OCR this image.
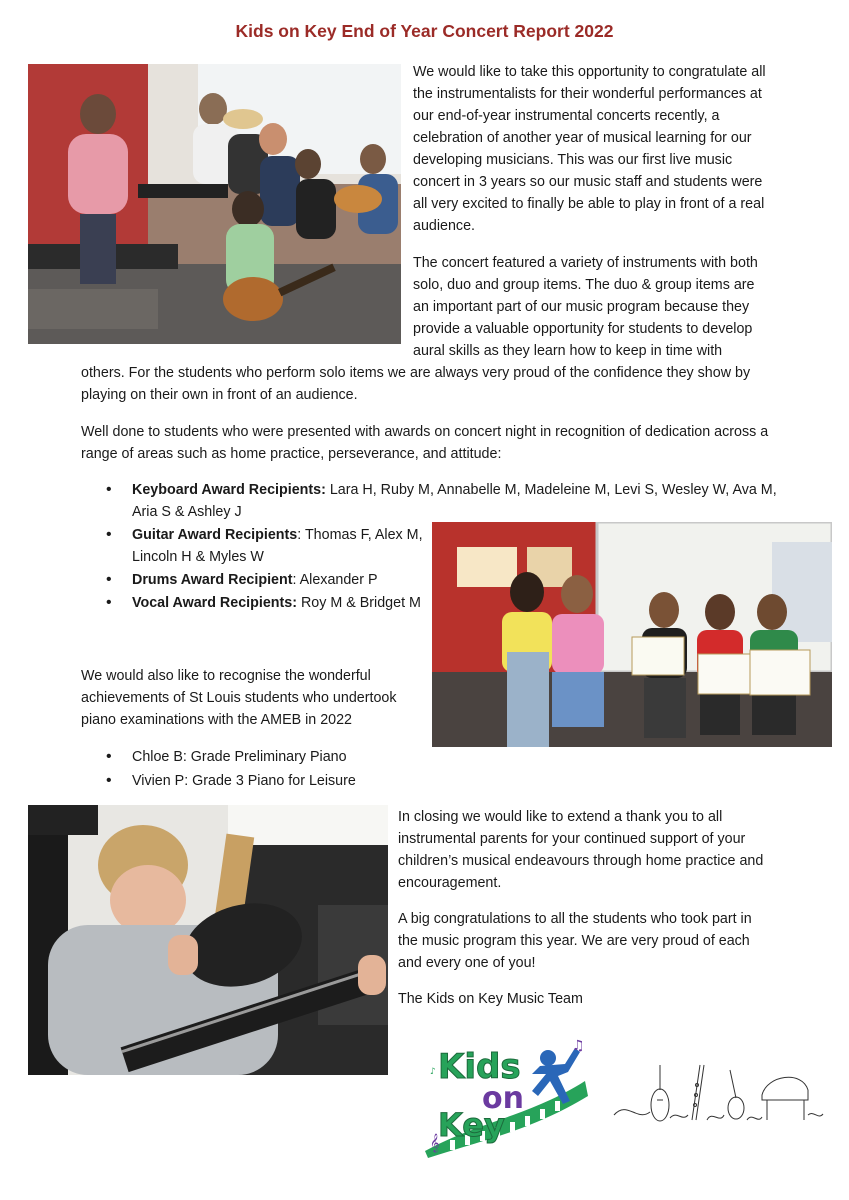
Kids on Key End of Year Concert Report 2022

We would like to take this opportunity to congratulate all the instrumentalists for their wonderful performances at our end-of-year instrumental concerts recently, a celebration of another year of musical learning for our developing musicians. This was our first live music concert in 3 years so our music staff and students were all very excited to finally be able to play in front of a real audience.

The concert featured a variety of instruments with both
solo, duo and group items. The duo & group items are
an important part of our music program because they
provide a valuable opportunity for students to develop
aural skills as they learn how to keep in time with

others. For the students who perform solo items we are always very proud of the confidence they show by playing on their own in front of an audience.

Well done to students who were presented with awards on concert night in recognition of dedication across a range of areas such as home practice, perseverance, and attitude:

• Keyboard Award Recipients: Lara H, Ruby M, Annabelle M, Madeleine M, Levi S, Wesley W, Ava M, Aria S & Ashley J
• Guitar Award Recipients: Thomas F, Alex M, Lincoln H & Myles W
• Drums Award Recipient: Alexander P
• Vocal Award Recipients: Roy M & Bridget M

We would also like to recognise the wonderful achievements of St Louis students who undertook piano examinations with the AMEB in 2022

• Chloe B: Grade Preliminary Piano
• Vivien P: Grade 3 Piano for Leisure

In closing we would like to extend a thank you to all instrumental parents for your continued support of your children’s musical endeavours through home practice and encouragement.

A big congratulations to all the students who took part in the music program this year. We are very proud of each and every one of you!

The Kids on Key Music Team

♫
♪
𝄞
Kids
on
Key
